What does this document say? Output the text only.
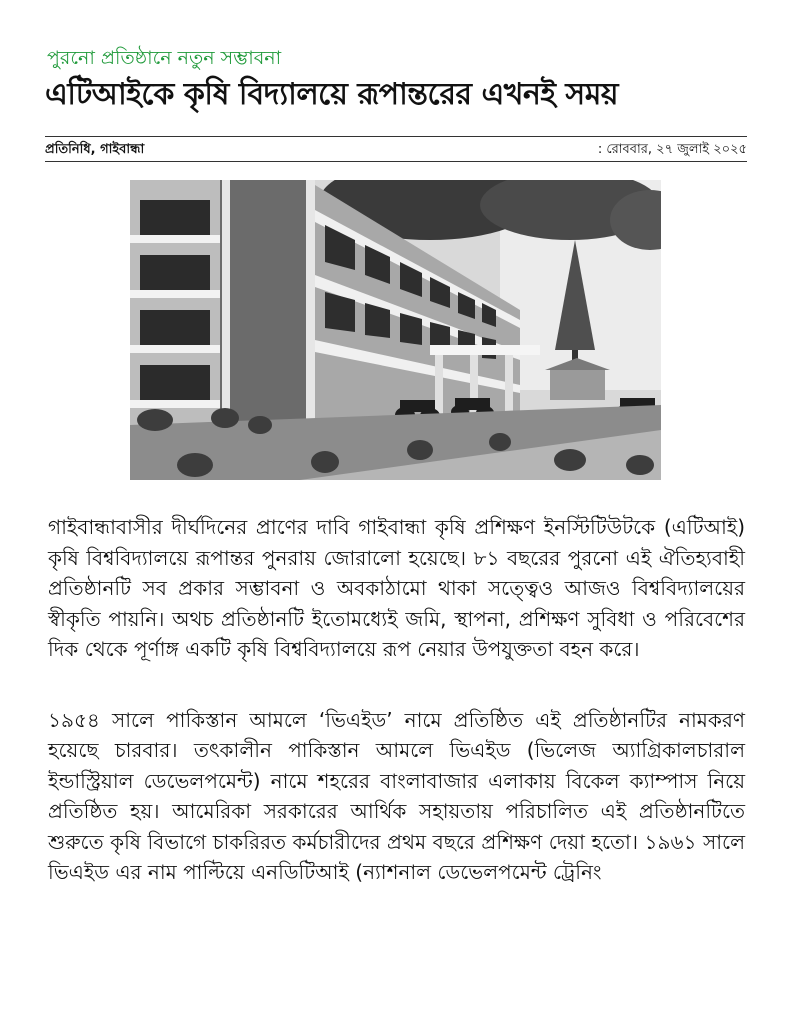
পুরনো প্রতিষ্ঠানে নতুন সম্ভাবনা
এটিআইকে কৃষি বিদ্যালয়ে রূপান্তরের এখনই সময়
প্রতিনিধি, গাইবান্ধা	: রোববার, ২৭ জুলাই ২০২৫

গাইবান্ধাবাসীর দীর্ঘদিনের প্রাণের দাবি গাইবান্ধা কৃষি প্রশিক্ষণ ইনস্টিটিউটকে (এটিআই) কৃষি বিশ্ববিদ্যালয়ে রূপান্তর পুনরায় জোরালো হয়েছে। ৮১ বছরের পুরনো এই ঐতিহ্যবাহী প্রতিষ্ঠানটি সব প্রকার সম্ভাবনা ও অবকাঠামো থাকা সত্ত্বেও আজও বিশ্ববিদ্যালয়ের স্বীকৃতি পায়নি। অথচ প্রতিষ্ঠানটি ইতোমধ্যেই জমি, স্থাপনা, প্রশিক্ষণ সুবিধা ও পরিবেশের দিক থেকে পূর্ণাঙ্গ একটি কৃষি বিশ্ববিদ্যালয়ে রূপ নেয়ার উপযুক্ততা বহন করে।

১৯৫৪ সালে পাকিস্তান আমলে ‘ভিএইড’ নামে প্রতিষ্ঠিত এই প্রতিষ্ঠানটির নামকরণ হয়েছে চারবার। তৎকালীন পাকিস্তান আমলে ভিএইড (ভিলেজ অ্যাগ্রিকালচারাল ইন্ডাস্ট্রিয়াল ডেভেলপমেন্ট) নামে শহরের বাংলাবাজার এলাকায় বিকেল ক্যাম্পাস নিয়ে প্রতিষ্ঠিত হয়। আমেরিকা সরকারের আর্থিক সহায়তায় পরিচালিত এই প্রতিষ্ঠানটিতে শুরুতে কৃষি বিভাগে চাকরিরত কর্মচারীদের প্রথম বছরে প্রশিক্ষণ দেয়া হতো। ১৯৬১ সালে ভিএইড এর নাম পাল্টিয়ে এনডিটিআই (ন্যাশনাল ডেভেলপমেন্ট ট্রেনিং
